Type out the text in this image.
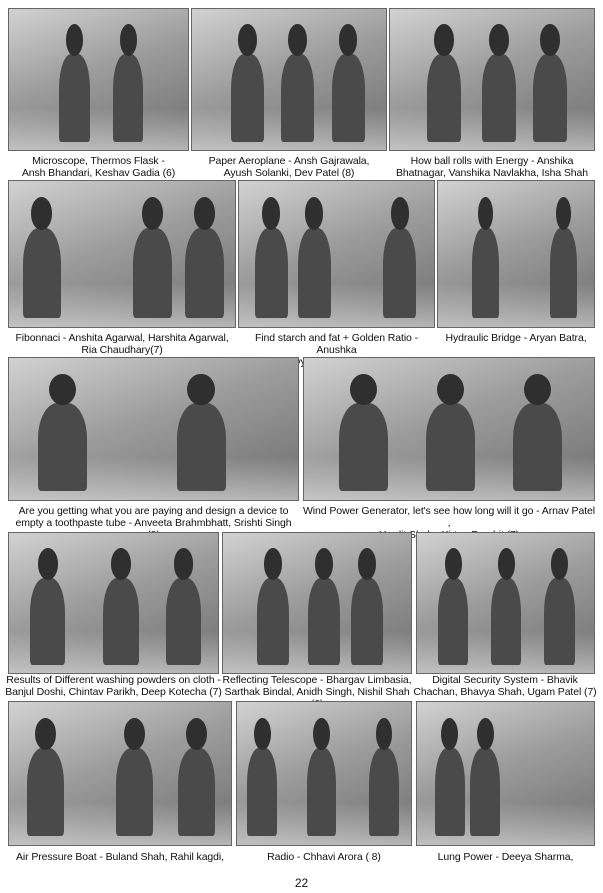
Microscope, Thermos Flask -
Ansh Bhandari, Keshav Gadia (6)
Paper Aeroplane - Ansh Gajrawala,
Ayush Solanki, Dev Patel (8)
How ball rolls with Energy - Anshika
Bhatnagar, Vanshika Navlakha, Isha Shah
Fibonnaci - Anshita Agarwal, Harshita Agarwal,
Ria Chaudhary(7)
Find starch and fat + Golden Ratio - Anushka

Hydraulic Bridge - Aryan Batra,
Are you getting what you are paying and design a device to
empty a toothpaste tube - Anveeta Brahmbhatt, Srishti Singh
Wind Power Generator, let's see how long will it go - Arnav Patel ,

Results of Different washing powders on cloth -
Banjul Doshi, Chintav Parikh, Deep Kotecha (7)
Reflecting Telescope - Bhargav Limbasia,
Sarthak Bindal, Anidh Singh, Nishil Shah
Digital Security System - Bhavik
Chachan, Bhavya Shah, Ugam Patel (7)
Air Pressure Boat - Buland Shah, Rahil kagdi,	Radio - Chhavi Arora ( 8)	Lung Power - Deeya Sharma,
22
